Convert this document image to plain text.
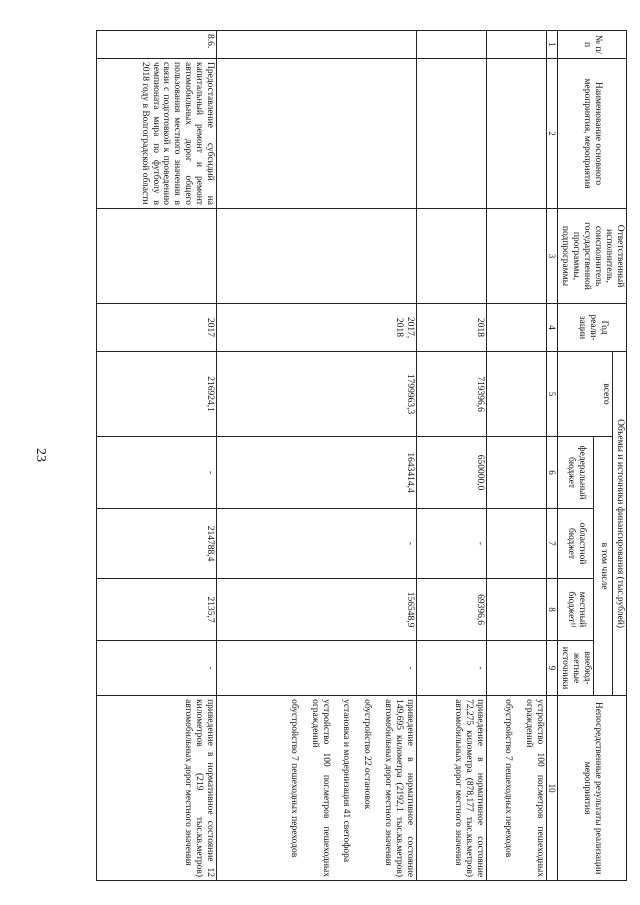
23
№ п/п	Наименование основного мероприятия, мероприятия	Ответственный исполнитель, соисполнитель государственной программы, подпрограммы	Год реали- зации	Объемы и источники финансирования (тыс.рублей)					Непосредственные результаты реализации мероприятия
				всего	в том числе				
					федеральный бюджет	областной бюджет	местный бюджет¹⁾	внебюд- жетные источники	
1	2	3	4	5	6	7	8	9	10

									устройство 100 пог.метров пешеходных ограждений
обустройство 7 пешеходных переходов

			2018	719396,6	650000,0	-	69396,6	-	приведение в нормативное состояние 72,275 километра (878,177 тыс.кв.метров) автомобильных дорог местного значения

			2017, 2018	1799963,3	1643414,4	-	156548,9	-	приведение в нормативное состояние 149,695 километра (2192,1 тыс.кв.метров) автомобильных дорог местного значения
обустройство 22 остановок
установка и модернизация 41 светофора
устройство 100 пог.метров пешеходных ограждений
обустройство 7 пешеходных переходов

8.6.	Предоставление субсидий на капитальный ремонт и ремонт автомобильных дорог общего пользования местного значения в связи с подготовкой к проведению чемпионата мира по футболу в 2018 году в Волгоградской области		2017	216924,1	-	214788,4	2135,7	-	приведение в нормативное состояние 12 километров (219 тыс.кв.метров) автомобильных дорог местного значения
